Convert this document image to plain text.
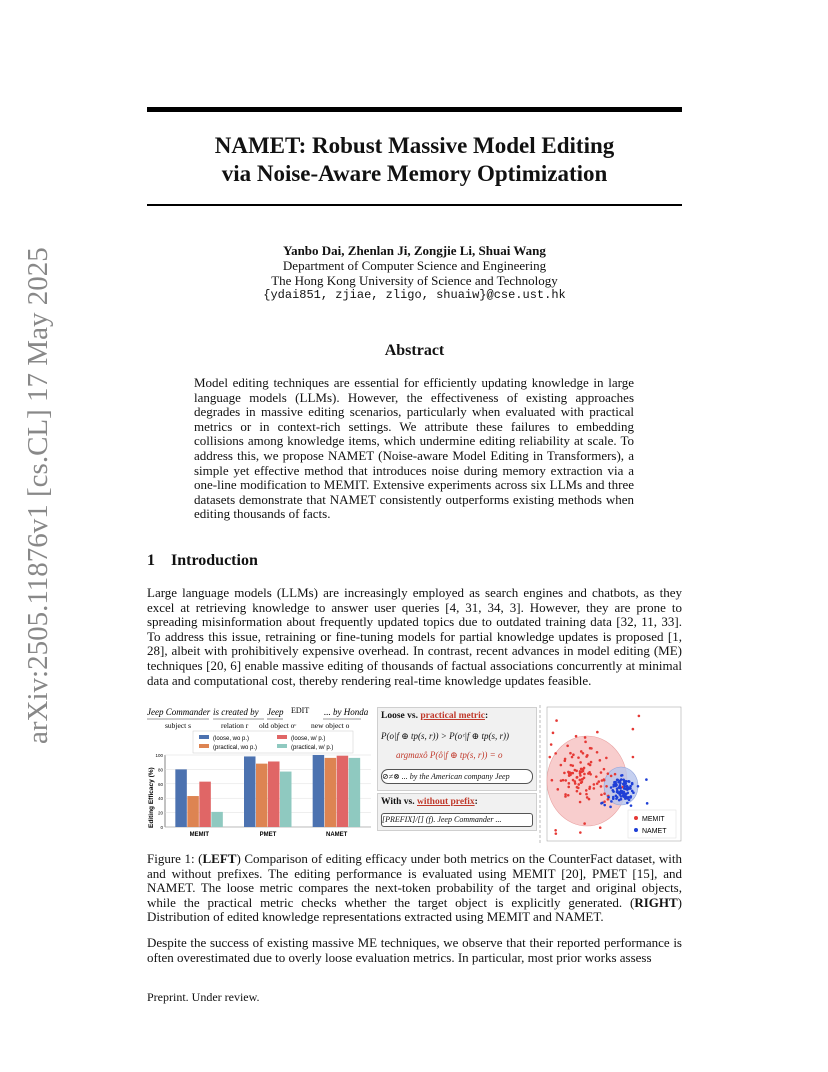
arXiv:2505.11876v1 [cs.CL] 17 May 2025
NAMET: Robust Massive Model Editing
via Noise-Aware Memory Optimization
Yanbo Dai, Zhenlan Ji, Zongjie Li, Shuai Wang
Department of Computer Science and Engineering
The Hong Kong University of Science and Technology
{ydai851, zjiae, zligo, shuaiw}@cse.ust.hk
Abstract
Model editing techniques are essential for efficiently updating knowledge in large language models (LLMs). However, the effectiveness of existing approaches degrades in massive editing scenarios, particularly when evaluated with practical metrics or in context-rich settings. We attribute these failures to embedding collisions among knowledge items, which undermine editing reliability at scale. To address this, we propose NAMET (Noise-aware Model Editing in Transformers), a simple yet effective method that introduces noise during memory extraction via a one-line modification to MEMIT. Extensive experiments across six LLMs and three datasets demonstrate that NAMET consistently outperforms existing methods when editing thousands of facts.
1 Introduction
Large language models (LLMs) are increasingly employed as search engines and chatbots, as they excel at retrieving knowledge to answer user queries [4, 31, 34, 3]. However, they are prone to spreading misinformation about frequently updated topics due to outdated training data [32, 11, 33]. To address this issue, retraining or fine-tuning models for partial knowledge updates is proposed [1, 28], albeit with prohibitively expensive overhead. In contrast, recent advances in model editing (ME) techniques [20, 6] enable massive editing of thousands of factual associations concurrently at minimal data and computational cost, thereby rendering real-time knowledge updates feasible.
Jeep Commander is created by Jeep EDIT ... by Honda
subject s	relation r old object oᶜ new object o
(loose, wo p.)	(loose, w/ p.)
(practical, wo p.)	(practical, w/ p.)
Editing Efficacy (%) 0
20
40
60
80
100
MEMIT	PMET	NAMET
MEMIT
NAMET
Loose vs. practical metric:
P(o|f ⊕ tp(s, r)) > P(oᶜ|f ⊕ tp(s, r))
argmaxô P(ô|f ⊕ tp(s, r)) = o
⊘≠⊗ ... by the American company Jeep
With vs. without prefix:
[PREFIX]/[] (f). Jeep Commander ...
Figure 1: (LEFT) Comparison of editing efficacy under both metrics on the CounterFact dataset, with and without prefixes. The editing performance is evaluated using MEMIT [20], PMET [15], and NAMET. The loose metric compares the next-token probability of the target and original objects, while the practical metric checks whether the target object is explicitly generated. (RIGHT) Distribution of edited knowledge representations extracted using MEMIT and NAMET.
Despite the success of existing massive ME techniques, we observe that their reported performance is often overestimated due to overly loose evaluation metrics. In particular, most prior works assess
Preprint. Under review.
